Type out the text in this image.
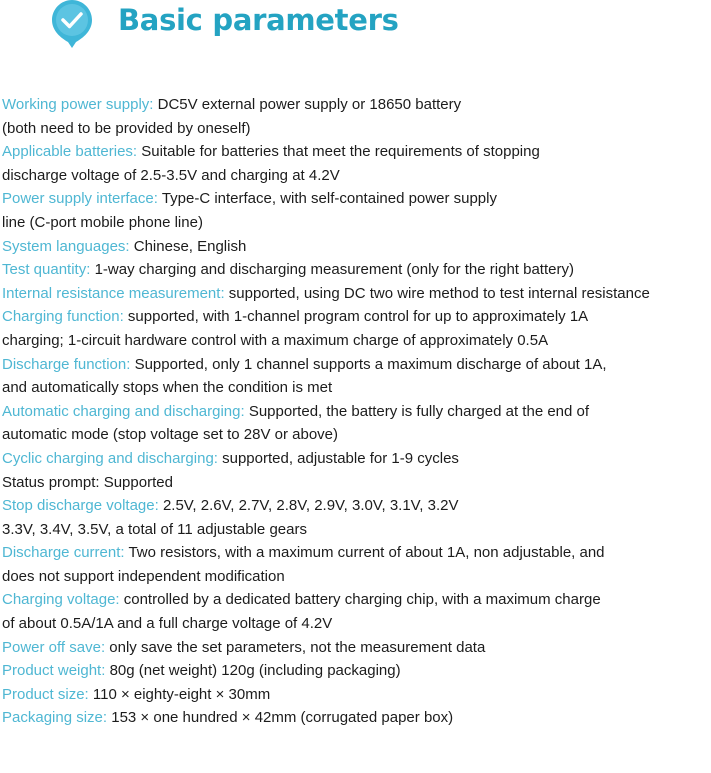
Basic parameters
Working power supply: DC5V external power supply or 18650 battery
(both need to be provided by oneself)
Applicable batteries: Suitable for batteries that meet the requirements of stopping
discharge voltage of 2.5-3.5V and charging at 4.2V
Power supply interface: Type-C interface, with self-contained power supply
line (C-port mobile phone line)
System languages: Chinese, English
Test quantity: 1-way charging and discharging measurement (only for the right battery)
Internal resistance measurement: supported, using DC two wire method to test internal resistance
Charging function: supported, with 1-channel program control for up to approximately 1A
charging; 1-circuit hardware control with a maximum charge of approximately 0.5A
Discharge function: Supported, only 1 channel supports a maximum discharge of about 1A,
and automatically stops when the condition is met
Automatic charging and discharging: Supported, the battery is fully charged at the end of
automatic mode (stop voltage set to 28V or above)
Cyclic charging and discharging: supported, adjustable for 1-9 cycles
Status prompt: Supported
Stop discharge voltage: 2.5V, 2.6V, 2.7V, 2.8V, 2.9V, 3.0V, 3.1V, 3.2V
3.3V, 3.4V, 3.5V, a total of 11 adjustable gears
Discharge current: Two resistors, with a maximum current of about 1A, non adjustable, and
does not support independent modification
Charging voltage: controlled by a dedicated battery charging chip, with a maximum charge
of about 0.5A/1A and a full charge voltage of 4.2V
Power off save: only save the set parameters, not the measurement data
Product weight: 80g (net weight) 120g (including packaging)
Product size: 110 × eighty-eight × 30mm
Packaging size: 153 × one hundred × 42mm (corrugated paper box)
